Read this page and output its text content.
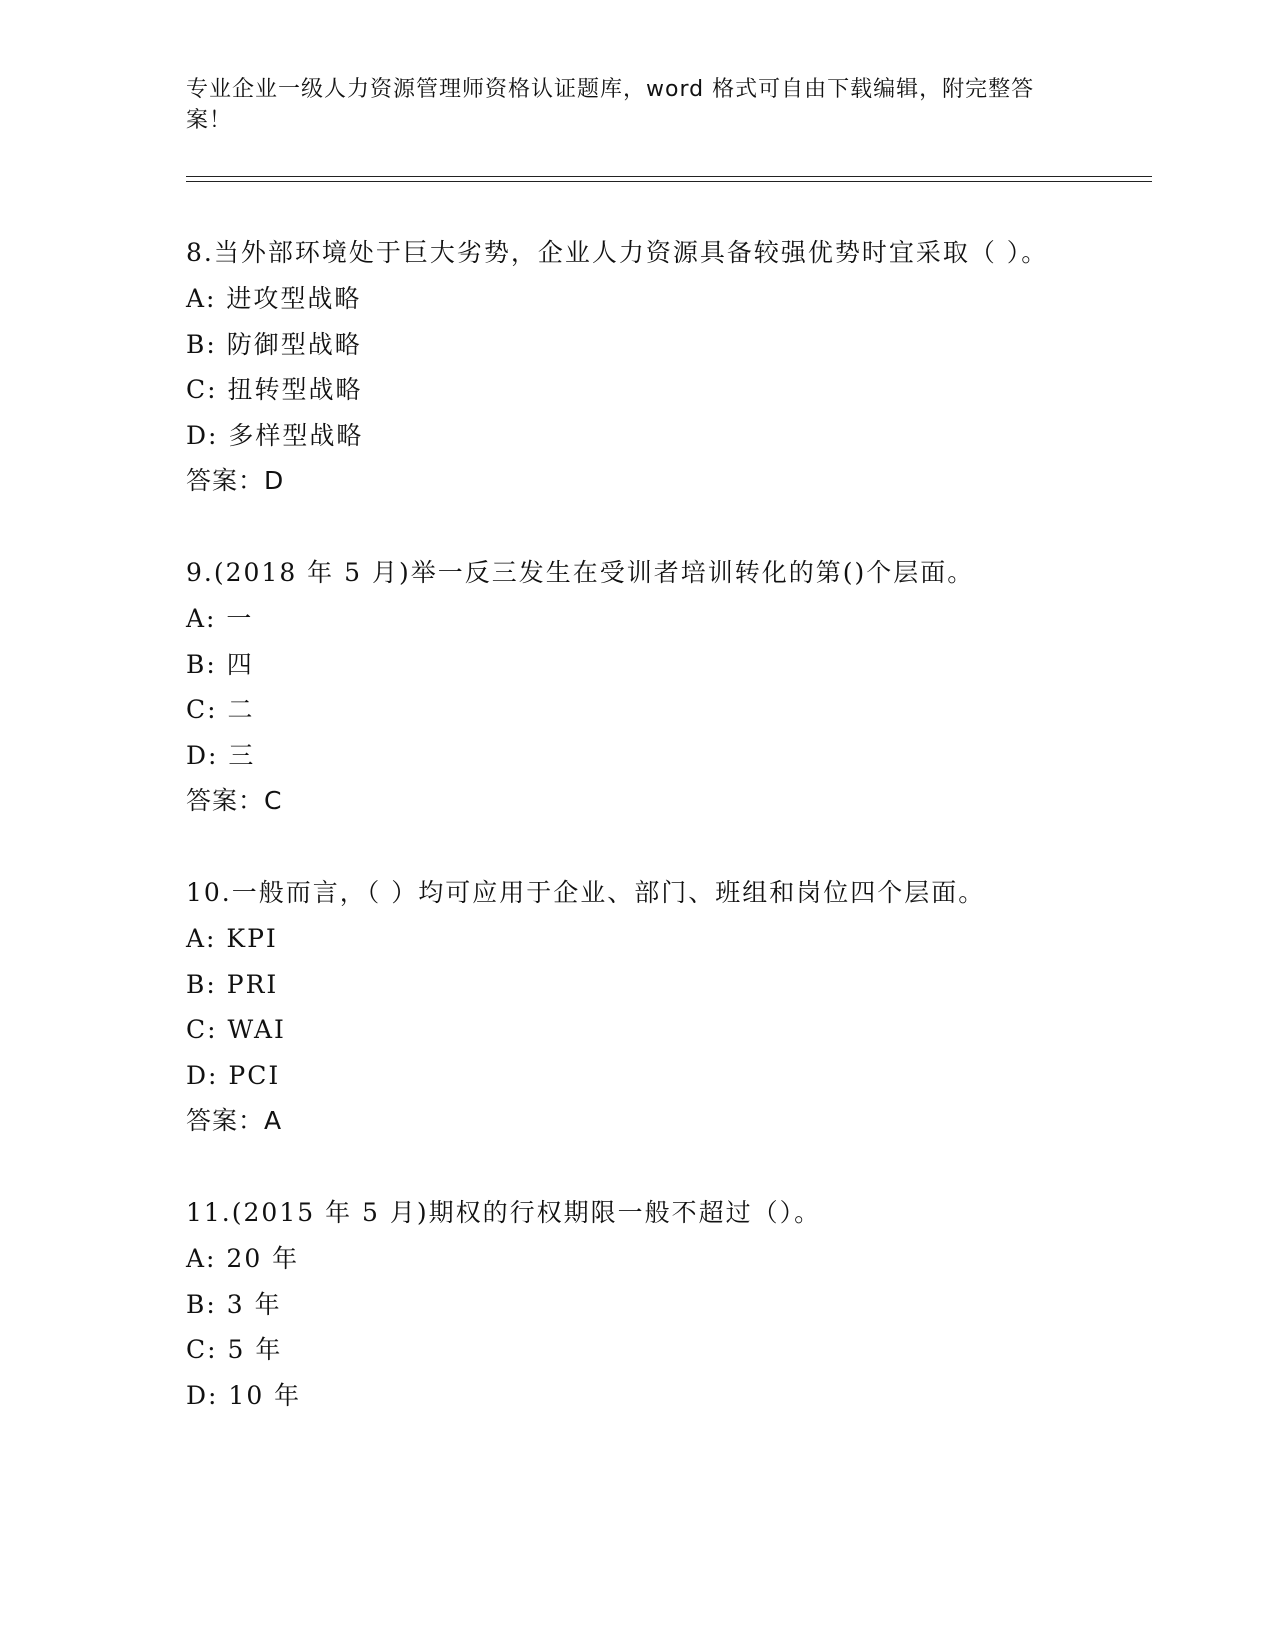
专业企业一级人力资源管理师资格认证题库，word 格式可自由下载编辑，附完整答案！

8.当外部环境处于巨大劣势，企业人力资源具备较强优势时宜采取（ ）。

A: 进攻型战略

B: 防御型战略

C: 扭转型战略

D: 多样型战略

答案：D

9.(2018 年 5 月)举一反三发生在受训者培训转化的第()个层面。

A: 一

B: 四

C: 二

D: 三

答案：C

10.一般而言，（ ）均可应用于企业、部门、班组和岗位四个层面。

A: KPI

B: PRI

C: WAI

D: PCI

答案：A

11.(2015 年 5 月)期权的行权期限一般不超过（）。

A: 20 年

B: 3 年

C: 5 年

D: 10 年
